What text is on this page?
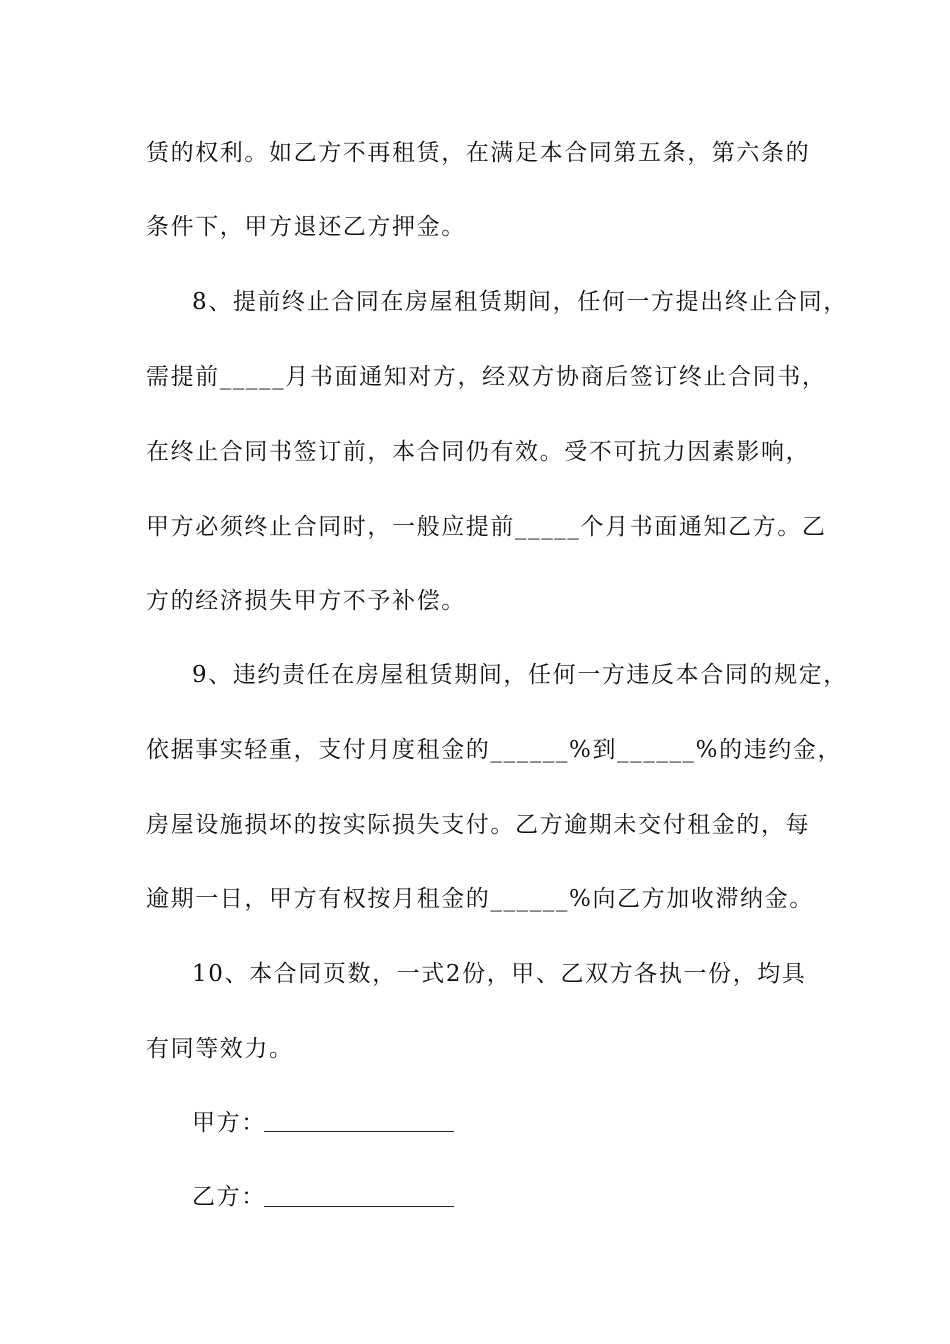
赁的权利。如乙方不再租赁，在满足本合同第五条，第六条的
条件下，甲方退还乙方押金。
8、提前终止合同在房屋租赁期间，任何一方提出终止合同，
需提前_____月书面通知对方，经双方协商后签订终止合同书，
在终止合同书签订前，本合同仍有效。受不可抗力因素影响，
甲方必须终止合同时，一般应提前_____个月书面通知乙方。乙
方的经济损失甲方不予补偿。
9、违约责任在房屋租赁期间，任何一方违反本合同的规定，
依据事实轻重，支付月度租金的______%到______%的违约金，
房屋设施损坏的按实际损失支付。乙方逾期未交付租金的，每
逾期一日，甲方有权按月租金的______%向乙方加收滞纳金。
10、本合同页数，一式2份，甲、乙双方各执一份，均具
有同等效力。
甲方：
乙方：
